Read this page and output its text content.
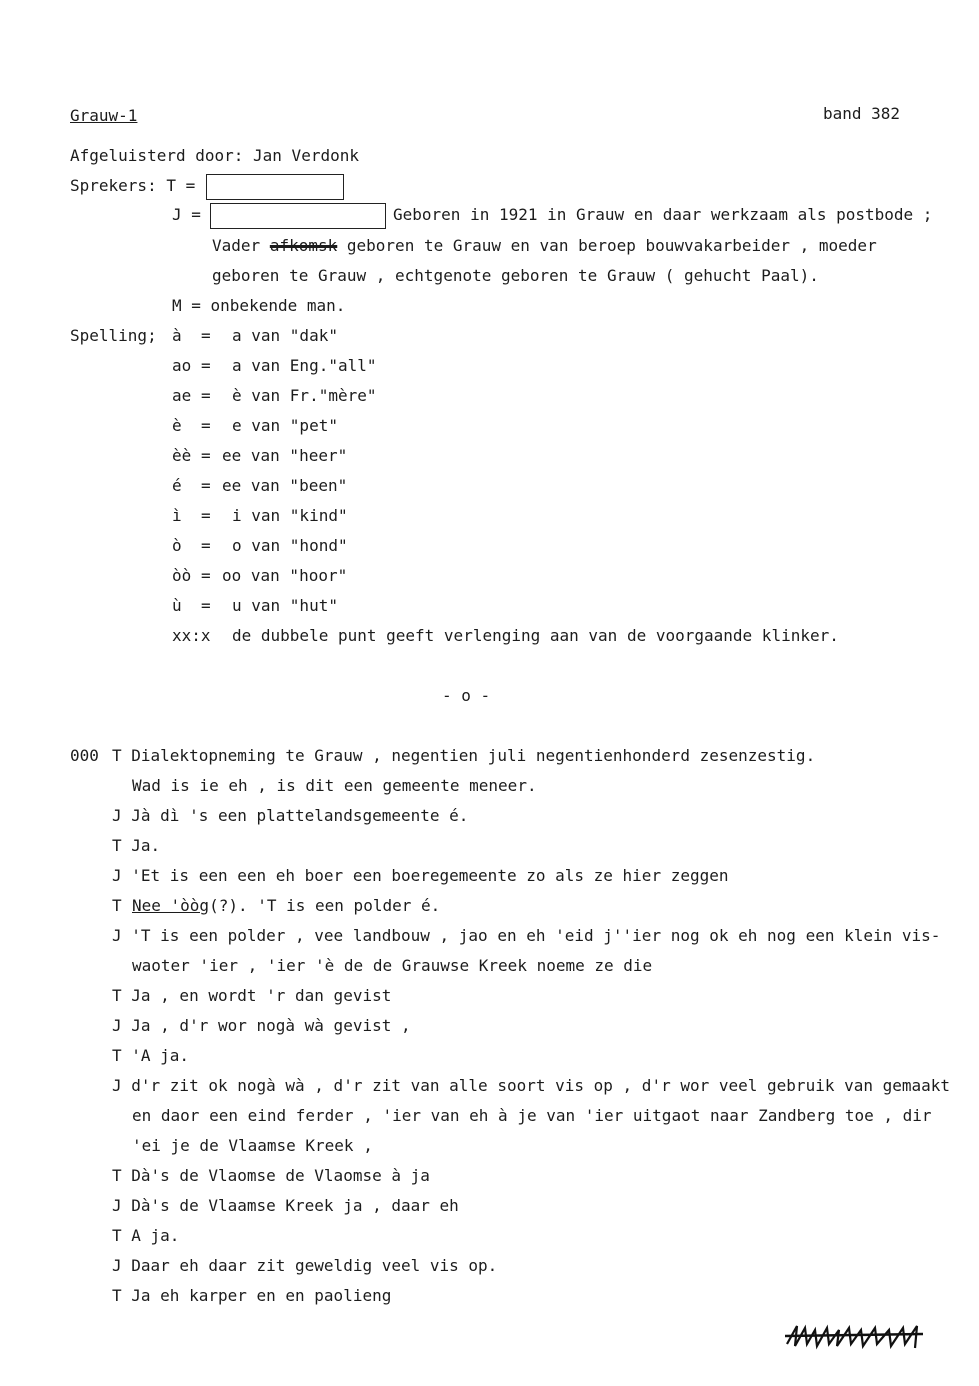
Grauw-1	band 382
Afgeluisterd door: Jan Verdonk
Sprekers: T =
J =	Geboren in 1921 in Grauw en daar werkzaam als postbode ;
Vader afkomsk geboren te Grauw en van beroep bouwvakarbeider , moeder
geboren te Grauw , echtgenote geboren te Grauw ( gehucht Paal).
M = onbekende man.
Spelling; à = a van "dak"
ao = a van Eng."all"
ae = è van Fr."mère"
è = e van "pet"
èè = ee van "heer"
é = ee van "been"
ì = i van "kind"
ò = o van "hond"
òò = oo van "hoor"
ù = u van "hut"
xx:x de dubbele punt geeft verlenging aan van de voorgaande klinker.
- o -
000 T Dialektopneming te Grauw , negentien juli negentienhonderd zesenzestig.
Wad is ie eh , is dit een gemeente meneer.
J Jà dì 's een plattelandsgemeente é.
T Ja.
J 'Et is een een eh boer een boeregemeente zo als ze hier zeggen
T
J 'T is een polder , vee landbouw , jao en eh 'eid j''ier nog ok eh nog een klein vis-
waoter 'ier , 'ier 'è de de Grauwse Kreek noeme ze die
T Ja , en wordt 'r dan gevist
J Ja , d'r wor nogà wà gevist ,
T 'A ja.
J d'r zit ok nogà wà , d'r zit van alle soort vis op , d'r wor veel gebruik van gemaakt
en daor een eind ferder , 'ier van eh à je van 'ier uitgaot naar Zandberg toe , dir
'ei je de Vlaamse Kreek ,
T Dà's de Vlaomse de Vlaomse à ja
J Dà's de Vlaamse Kreek ja , daar eh
T A ja.
J Daar eh daar zit geweldig veel vis op.
T Ja eh karper en en paolieng
Nee 'òòg(?). 'T is een polder é.
